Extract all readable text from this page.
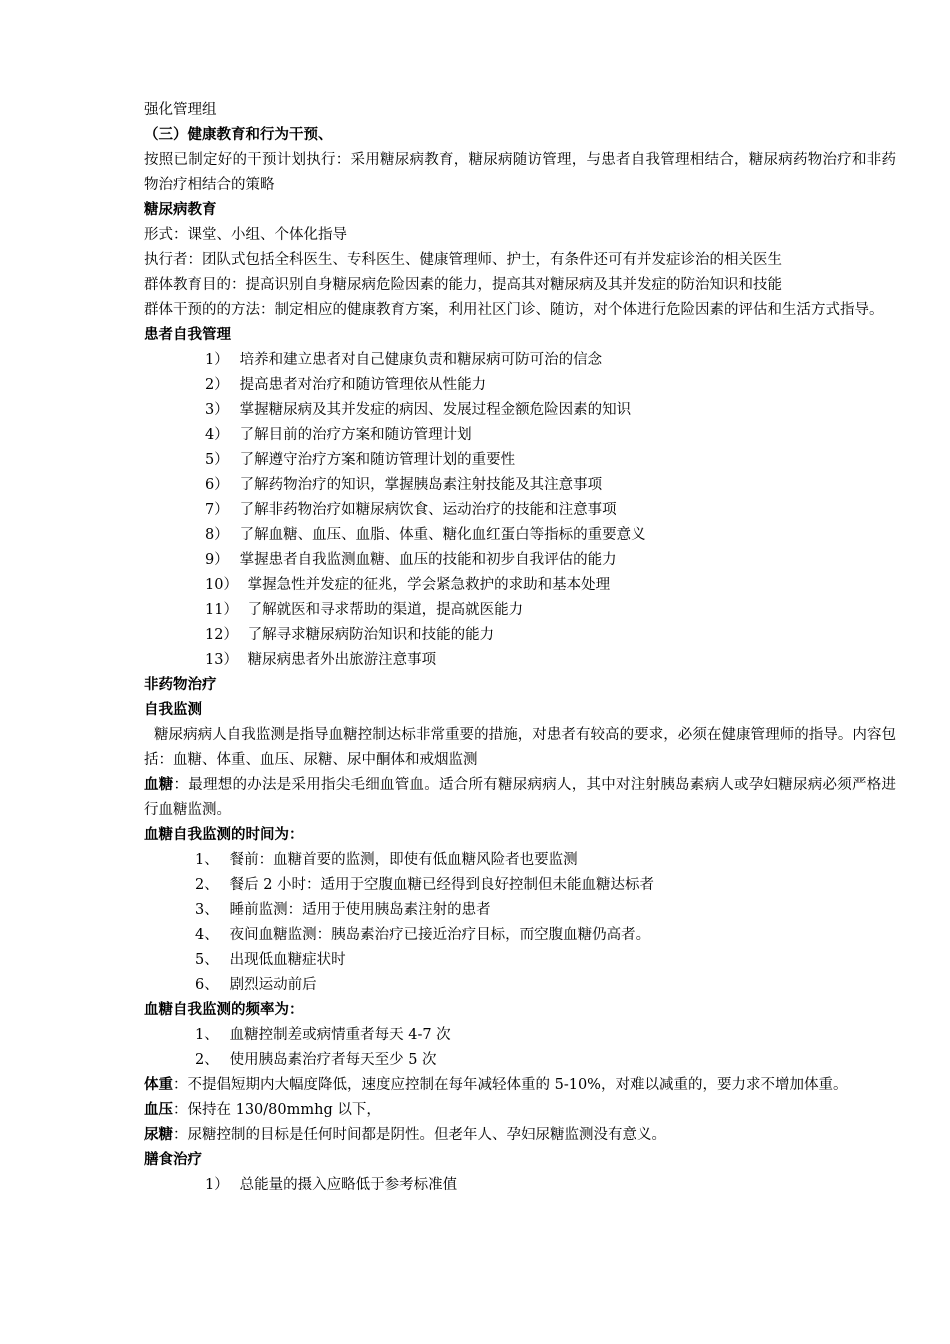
强化管理组
（三）健康教育和行为干预、
按照已制定好的干预计划执行：采用糖尿病教育，糖尿病随访管理，与患者自我管理相结合，糖尿病药物治疗和非药物治疗相结合的策略
糖尿病教育
形式：课堂、小组、个体化指导
执行者：团队式包括全科医生、专科医生、健康管理师、护士，有条件还可有并发症诊治的相关医生
群体教育目的：提高识别自身糖尿病危险因素的能力，提高其对糖尿病及其并发症的防治知识和技能
群体干预的的方法：制定相应的健康教育方案，利用社区门诊、随访，对个体进行危险因素的评估和生活方式指导。
患者自我管理
1） 培养和建立患者对自己健康负责和糖尿病可防可治的信念
2） 提高患者对治疗和随访管理依从性能力
3） 掌握糖尿病及其并发症的病因、发展过程金额危险因素的知识
4） 了解目前的治疗方案和随访管理计划
5） 了解遵守治疗方案和随访管理计划的重要性
6） 了解药物治疗的知识，掌握胰岛素注射技能及其注意事项
7） 了解非药物治疗如糖尿病饮食、运动治疗的技能和注意事项
8） 了解血糖、血压、血脂、体重、糖化血红蛋白等指标的重要意义
9） 掌握患者自我监测血糖、血压的技能和初步自我评估的能力
10） 掌握急性并发症的征兆，学会紧急救护的求助和基本处理
11） 了解就医和寻求帮助的渠道，提高就医能力
12） 了解寻求糖尿病防治知识和技能的能力
13） 糖尿病患者外出旅游注意事项
非药物治疗
自我监测
糖尿病病人自我监测是指导血糖控制达标非常重要的措施，对患者有较高的要求，必须在健康管理师的指导。内容包括：血糖、体重、血压、尿糖、尿中酮体和戒烟监测
血糖：最理想的办法是采用指尖毛细血管血。适合所有糖尿病病人，其中对注射胰岛素病人或孕妇糖尿病必须严格进行血糖监测。
血糖自我监测的时间为：
1、 餐前：血糖首要的监测，即使有低血糖风险者也要监测
2、 餐后 2 小时：适用于空腹血糖已经得到良好控制但未能血糖达标者
3、 睡前监测：适用于使用胰岛素注射的患者
4、 夜间血糖监测：胰岛素治疗已接近治疗目标，而空腹血糖仍高者。
5、 出现低血糖症状时
6、 剧烈运动前后
血糖自我监测的频率为：
1、 血糖控制差或病情重者每天 4-7 次
2、 使用胰岛素治疗者每天至少 5 次
体重：不提倡短期内大幅度降低，速度应控制在每年减轻体重的 5-10%，对难以减重的，要力求不增加体重。
血压：保持在 130/80mmhg 以下，
尿糖：尿糖控制的目标是任何时间都是阴性。但老年人、孕妇尿糖监测没有意义。
膳食治疗
1） 总能量的摄入应略低于参考标准值
